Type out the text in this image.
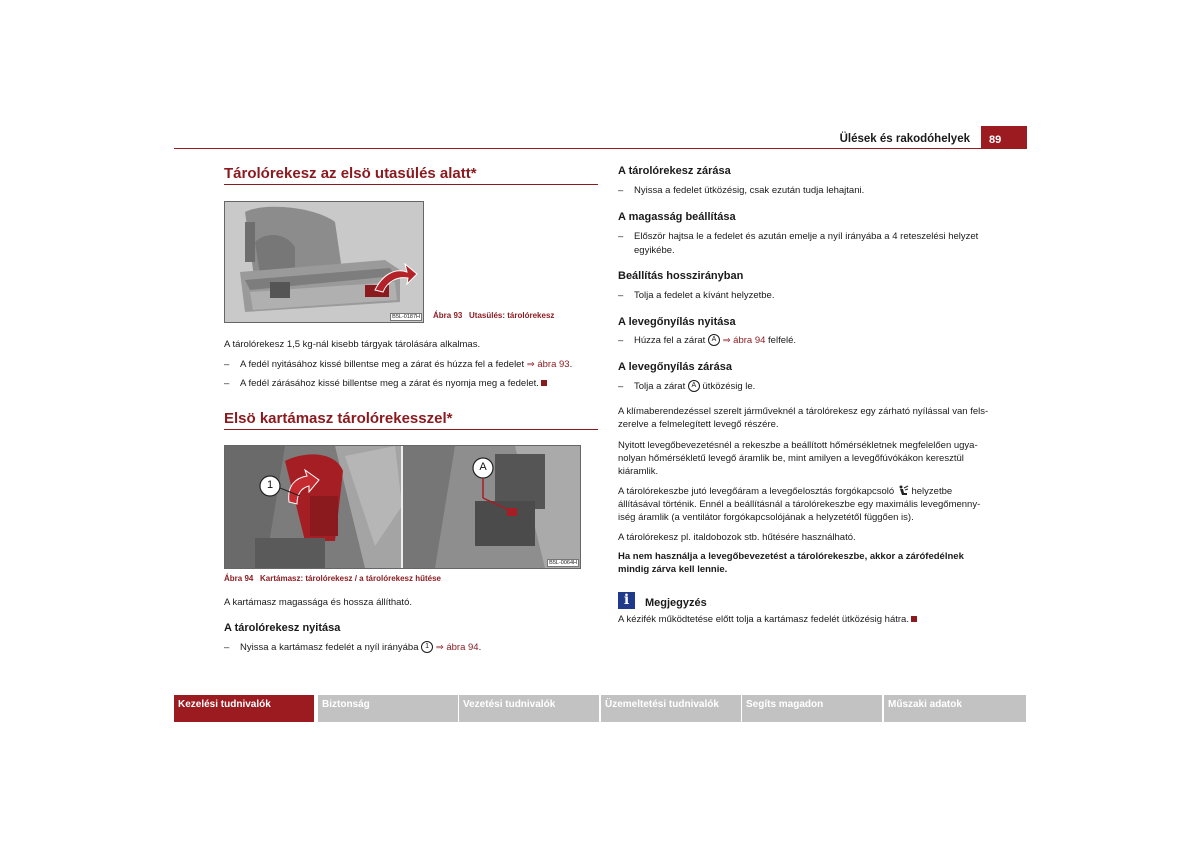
Ülések és rakodóhelyek	89
Tárolórekesz az elsö utasülés alatt*
B5L-0187H Ábra 93 Utasülés: tárolórekesz
A tárolórekesz 1,5 kg-nál kisebb tárgyak tárolására alkalmas.
– A fedél nyitásához kissé billentse meg a zárat és húzza fel a fedelet ⇒ ábra 93.
– A fedél zárásához kissé billentse meg a zárat és nyomja meg a fedelet.
Elsö kartámasz tárolórekesszel*
1
A
B5L-0064H
Ábra 94 Kartámasz: tárolórekesz / a tárolórekesz hűtése
A kartámasz magassága és hossza állítható.
A tárolórekesz nyitása
– Nyissa a kartámasz fedelét a nyíl irányába 1 ⇒ ábra 94.
A tárolórekesz zárása
– Nyissa a fedelet ütközésig, csak ezután tudja lehajtani.
A magasság beállítása
– Először hajtsa le a fedelet és azután emelje a nyíl irányába a 4 reteszelési helyzet
egyikébe.
Beállítás hosszirányban
– Tolja a fedelet a kívánt helyzetbe.
A levegőnyílás nyitása
– Húzza fel a zárat A ⇒ ábra 94 felfelé.
A levegőnyílás zárása
– Tolja a zárat A ütközésig le.
A klímaberendezéssel szerelt járműveknél a tárolórekesz egy zárható nyílással van fels-
zerelve a felmelegített levegő részére.
Nyitott levegőbevezetésnél a rekeszbe a beállított hőmérsékletnek megfelelően ugya-
nolyan hőmérsékletű levegő áramlik be, mint amilyen a levegőfúvókákon keresztül
kiáramlik.
A tárolórekeszbe jutó levegőáram a levegőelosztás forgókapcsoló helyzetbe
állításával történik. Ennél a beállításnál a tárolórekeszbe egy maximális levegőmenny-
iség áramlik (a ventilátor forgókapcsolójának a helyzetétől függően is).
A tárolórekesz pl. italdobozok stb. hűtésére használható.
Ha nem használja a levegőbevezetést a tárolórekeszbe, akkor a zárófedélnek
mindig zárva kell lennie.
i	Megjegyzés
A kézifék működtetése előtt tolja a kartámasz fedelét ütközésig hátra.
Kezelési tudnivalók	Biztonság	Vezetési tudnivalók	Üzemeltetési tudnivalók	Segíts magadon	Műszaki adatok
